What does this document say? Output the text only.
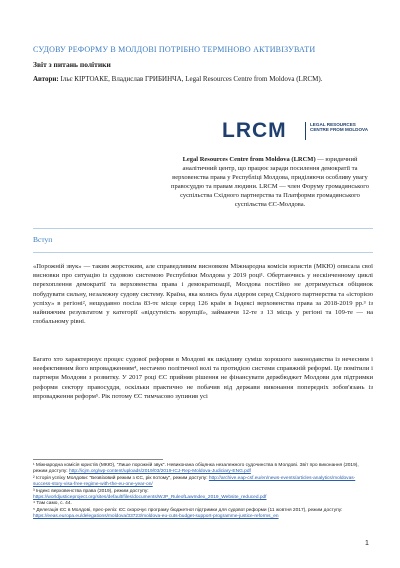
СУДОВУ РЕФОРМУ В МОЛДОВІ ПОТРІБНО ТЕРМІНОВО АКТИВІЗУВАТИ
Звіт з питань політики
Автори: Ільє КІРТОАКЕ, Владислав ГРИБИНЧА, Legal Resources Centre from Moldova (LRCM).
LRCM	LEGAL RESOURCES CENTRE FROM MOLDOVA
Legal Resources Centre from Moldova (LRCM) — юридичний аналітичний центр, що працює заради посилення демократії та верховенства права у Республіці Молдова, приділяючи особливу увагу правосуддю та правам людини. LRCM — член Форуму громадянського суспільства Східного партнерства та Платформи громадянського суспільства ЄС-Молдова.
Вступ
«Порожній звук» — таким жорстоким, але справедливим висновком Міжнародна комісія юристів (МКЮ) описала свої висновки про ситуацію із судовою системою Республіки Молдова у 2019 році¹. Обертаючись у нескінченному циклі перехоплення демократії та верховенства права і демократизації, Молдова постійно не дотримується обіцянок побудувати сильну, незалежну судову систему. Країна, яка колись була лідером серед Східного партнерства та «історією успіху» в регіоні², нещодавно посіла 83-тє місце серед 126 країн в Індексі верховенства права за 2018-2019 рр.³ із найнижчим результатом у категорії «відсутність корупції», займаючи 12-те з 13 місць у регіоні та 109-те — на глобальному рівні.
Багато хто характеризує процес судової реформи в Молдові як шкідливу суміш хорошого законодавства із нечесним і неефективним його впровадженням⁴, нестачею політичної волі та протидією системи справжній реформі. Це помітили і партнери Молдови з розвитку. У 2017 році ЄС прийняв рішення не фінансувати держбюджет Молдови для підтримки реформи сектору правосуддя, оскільки практично не побачив від держави виконання попередніх зобов'язань із впровадження реформ⁵. Рік потому ЄС тимчасово зупинив усі

¹ Міжнародна комісія юристів (МКЮ), "Лише порожній звук". Невиконана обіцянка незалежного судочинства в Молдові. Звіт про виконання (2019), режим доступу: http://icjm.org/wp-content/uploads/2019/03/2019-ICJ-Rep-Moldova-Judiciary-ENG.pdf

² Історія успіху Молдови: "Безвізовий режим з ЄС, рік потому", режим доступу: http://archive.eap-csf.eu/en/news-events/articles-analytics/moldovas-success-story-visa-free-regime-with-the-eu-one-year-on/

³ Індекс верховенства права (2019), режим доступу: https://worldjusticeproject.org/sites/default/files/documents/WJP_RuleofLawIndex_2019_Website_reduced.pdf

⁴ Там само, с. 44.

⁵ Делегація ЄС в Молдові, прес-реліз: ЄС скорочує програму бюджетної підтримки для судової реформи (11 жовтня 2017), режим доступу: https://eeas.europa.eu/delegations/moldova/33723/moldova-eu-cuts-budget-support-programme-justice-reforms_en

1
